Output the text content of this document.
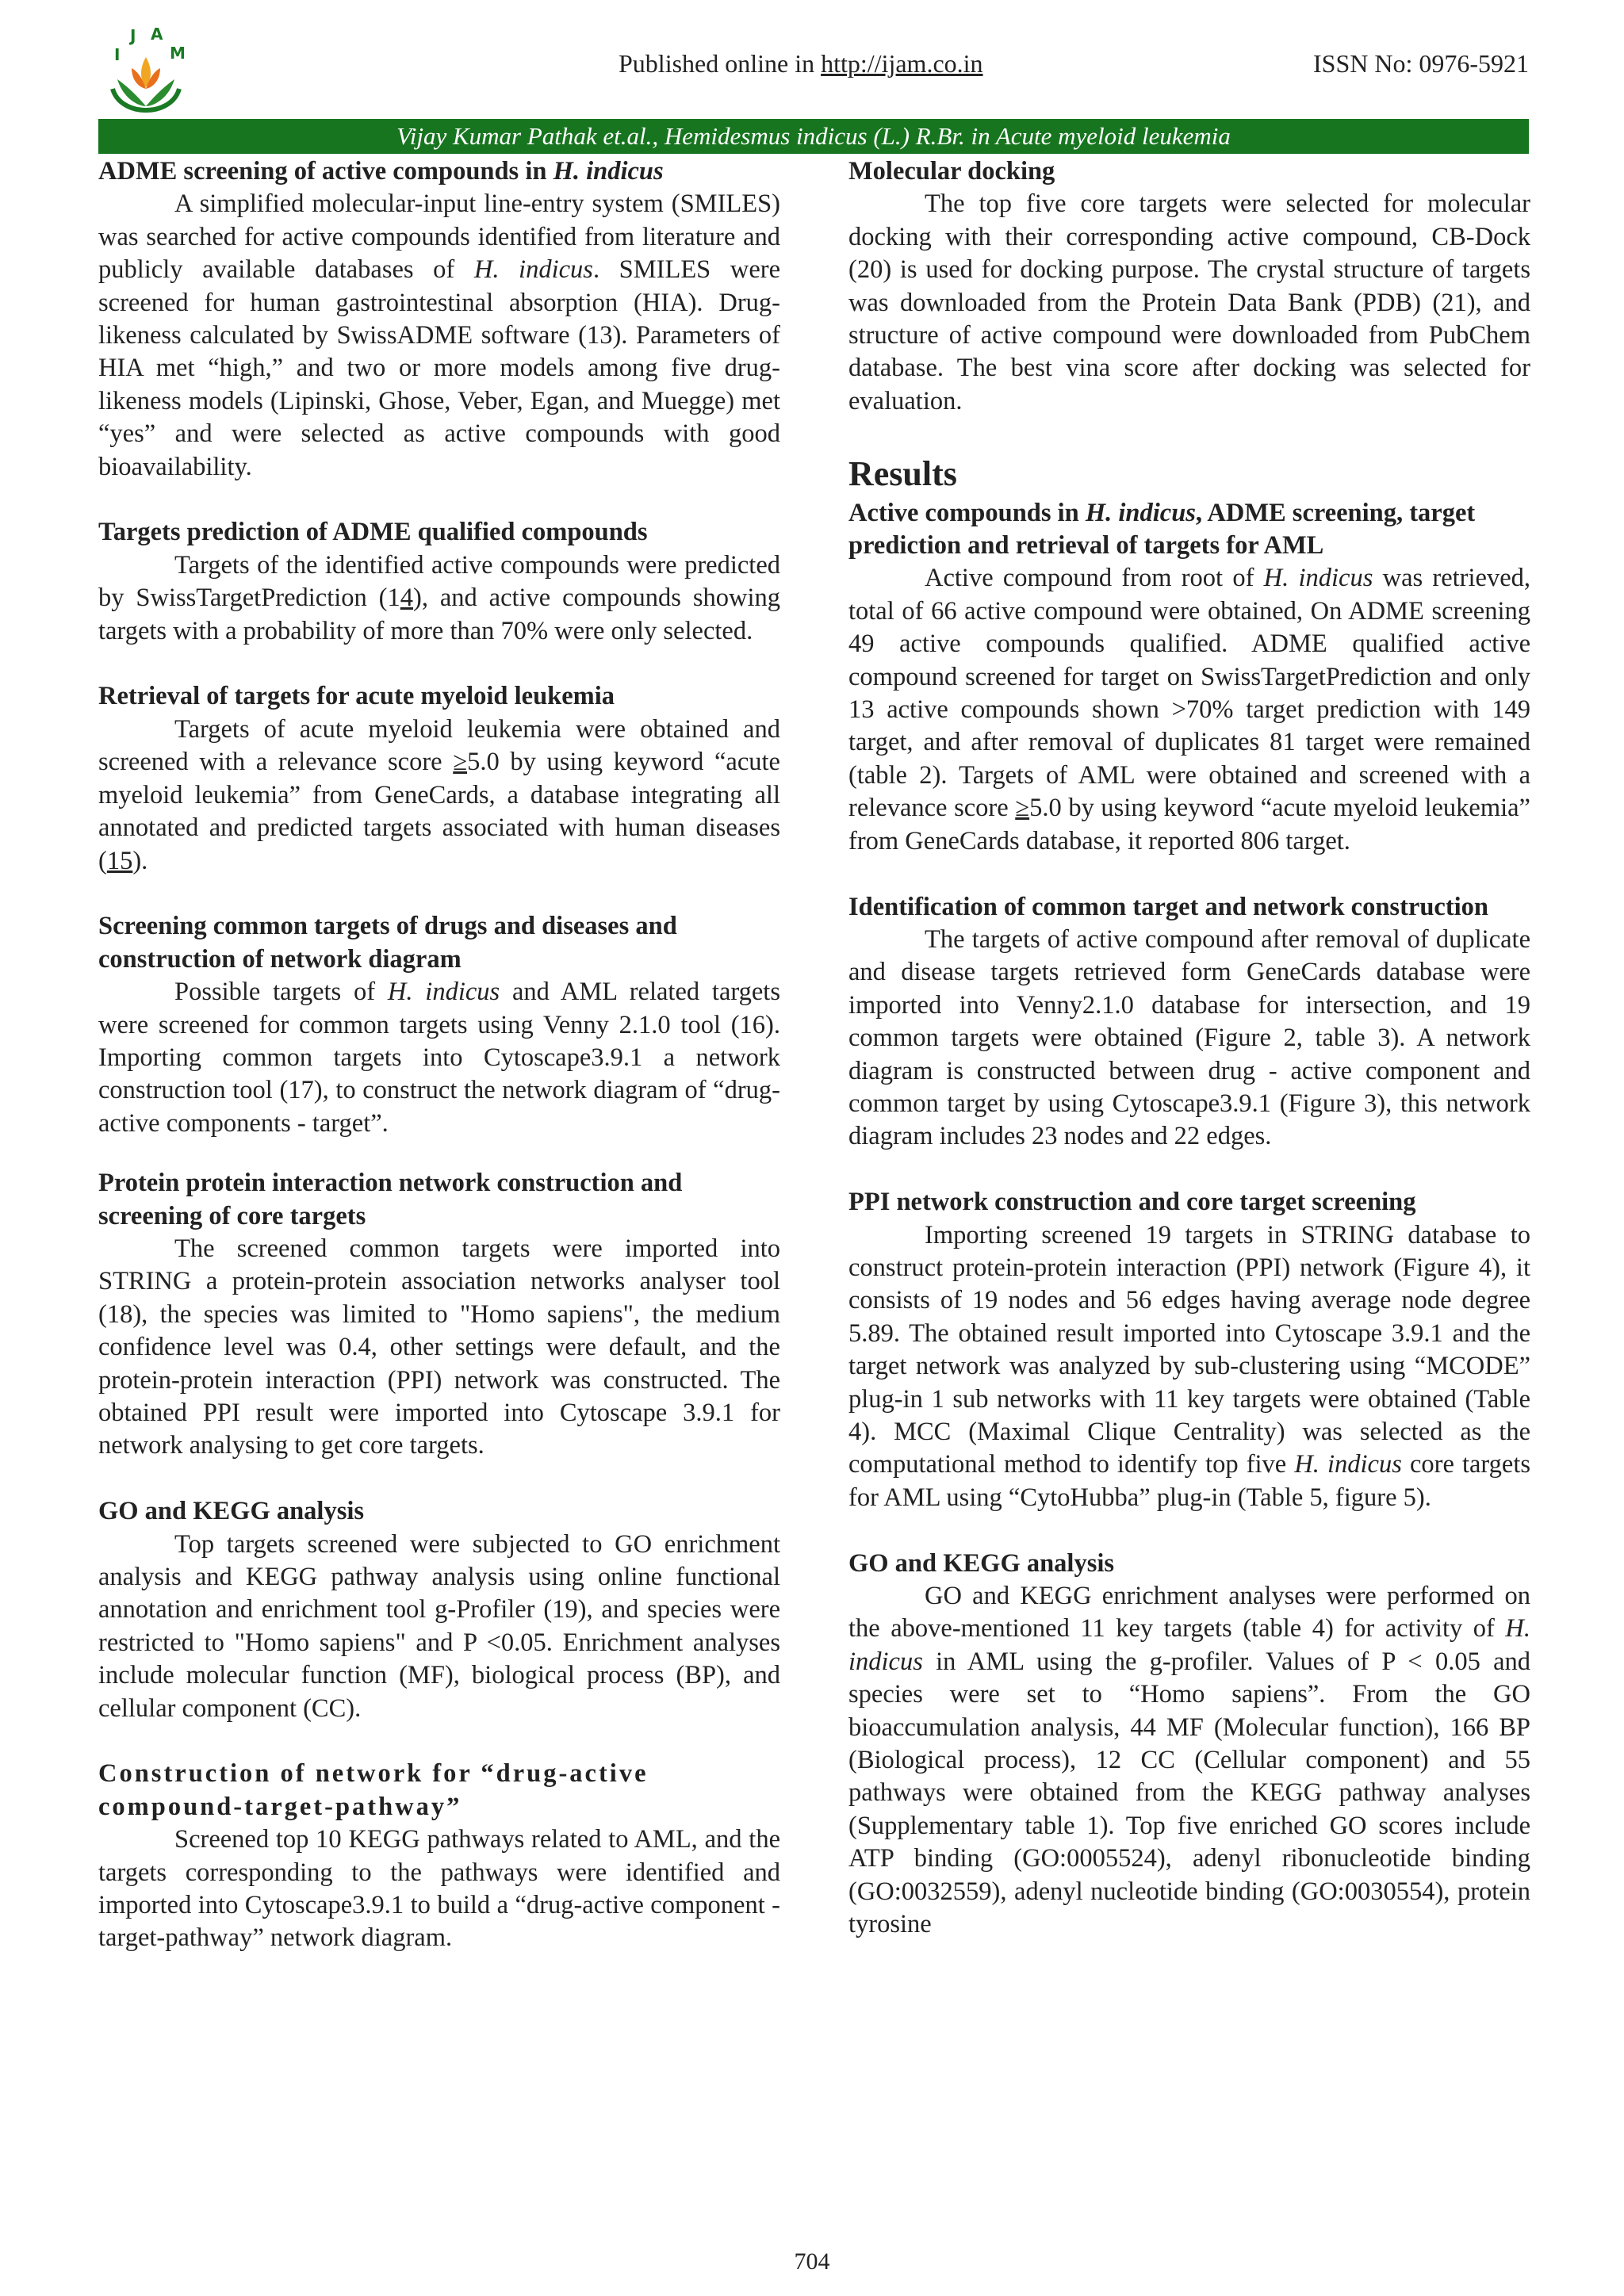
I
J A
M	Published online in http://ijam.co.in	ISSN No: 0976-5921
Vijay Kumar Pathak et.al., Hemidesmus indicus (L.) R.Br. in Acute myeloid leukemia
ADME screening of active compounds in H. indicus

A simplified molecular-input line-entry system (SMILES) was searched for active compounds identified from literature and publicly available databases of H. indicus. SMILES were screened for human gastrointestinal absorption (HIA). Drug-likeness calculated by SwissADME software (13). Parameters of HIA met “high,” and two or more models among five drug-likeness models (Lipinski, Ghose, Veber, Egan, and Muegge) met “yes” and were selected as active compounds with good bioavailability.

Targets prediction of ADME qualified compounds

Targets of the identified active compounds were predicted by SwissTargetPrediction (14), and active compounds showing targets with a probability of more than 70% were only selected.

Retrieval of targets for acute myeloid leukemia

Targets of acute myeloid leukemia were obtained and screened with a relevance score ≥5.0 by using keyword “acute myeloid leukemia” from GeneCards, a database integrating all annotated and predicted targets associated with human diseases (15).

Screening common targets of drugs and diseases and construction of network diagram

Possible targets of H. indicus and AML related targets were screened for common targets using Venny 2.1.0 tool (16). Importing common targets into Cytoscape3.9.1 a network construction tool (17), to construct the network diagram of “drug- active components - target”.

Protein protein interaction network construction and screening of core targets

The screened common targets were imported into STRING a protein-protein association networks analyser tool (18), the species was limited to "Homo sapiens", the medium confidence level was 0.4, other settings were default, and the protein-protein interaction (PPI) network was constructed. The obtained PPI result were imported into Cytoscape 3.9.1 for network analysing to get core targets.

GO and KEGG analysis

Top targets screened were subjected to GO enrichment analysis and KEGG pathway analysis using online functional annotation and enrichment tool g-Profiler (19), and species were restricted to "Homo sapiens" and P <0.05. Enrichment analyses include molecular function (MF), biological process (BP), and cellular component (CC).

Construction of network for “drug-active compound-target-pathway”

Screened top 10 KEGG pathways related to AML, and the targets corresponding to the pathways were identified and imported into Cytoscape3.9.1 to build a “drug-active component -target-pathway” network diagram.

Molecular docking

The top five core targets were selected for molecular docking with their corresponding active compound, CB-Dock (20) is used for docking purpose. The crystal structure of targets was downloaded from the Protein Data Bank (PDB) (21), and structure of active compound were downloaded from PubChem database. The best vina score after docking was selected for evaluation.

Results
Active compounds in H. indicus, ADME screening, target prediction and retrieval of targets for AML

Active compound from root of H. indicus was retrieved, total of 66 active compound were obtained, On ADME screening 49 active compounds qualified. ADME qualified active compound screened for target on SwissTargetPrediction and only 13 active compounds shown >70% target prediction with 149 target, and after removal of duplicates 81 target were remained (table 2). Targets of AML were obtained and screened with a relevance score ≥5.0 by using keyword “acute myeloid leukemia” from GeneCards database, it reported 806 target.

Identification of common target and network construction

The targets of active compound after removal of duplicate and disease targets retrieved form GeneCards database were imported into Venny2.1.0 database for intersection, and 19 common targets were obtained (Figure 2, table 3). A network diagram is constructed between drug - active component and common target by using Cytoscape3.9.1 (Figure 3), this network diagram includes 23 nodes and 22 edges.

PPI network construction and core target screening

Importing screened 19 targets in STRING database to construct protein-protein interaction (PPI) network (Figure 4), it consists of 19 nodes and 56 edges having average node degree 5.89. The obtained result imported into Cytoscape 3.9.1 and the target network was analyzed by sub-clustering using “MCODE” plug-in 1 sub networks with 11 key targets were obtained (Table 4). MCC (Maximal Clique Centrality) was selected as the computational method to identify top five H. indicus core targets for AML using “CytoHubba” plug-in (Table 5, figure 5).

GO and KEGG analysis

GO and KEGG enrichment analyses were performed on the above-mentioned 11 key targets (table 4) for activity of H. indicus in AML using the g-profiler. Values of P < 0.05 and species were set to “Homo sapiens”. From the GO bioaccumulation analysis, 44 MF (Molecular function), 166 BP (Biological process), 12 CC (Cellular component) and 55 pathways were obtained from the KEGG pathway analyses (Supplementary table 1). Top five enriched GO scores include ATP binding (GO:0005524), adenyl ribonucleotide binding (GO:0032559), adenyl nucleotide binding (GO:0030554), protein tyrosine

704
